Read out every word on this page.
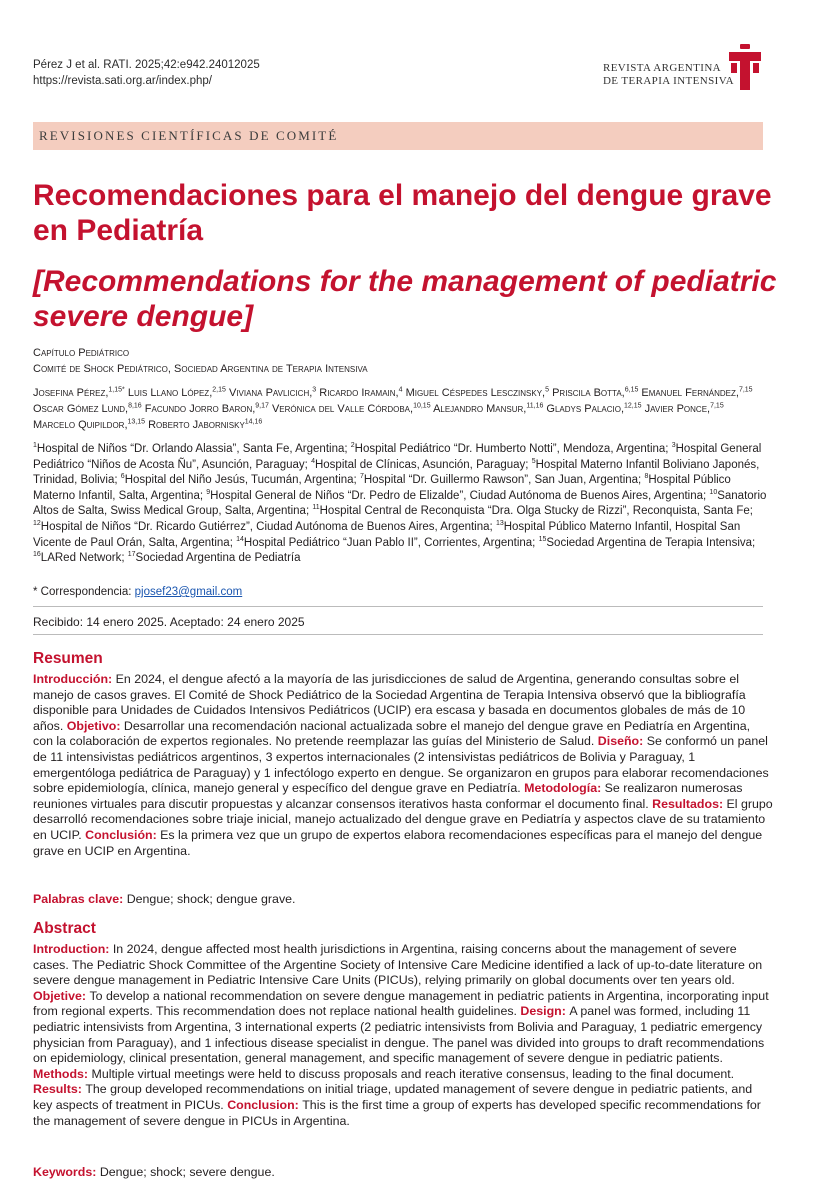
Pérez J et al. RATI. 2025;42:e942.24012025
https://revista.sati.org.ar/index.php/
REVISTA ARGENTINA
DE TERAPIA INTENSIVA
REVISIONES CIENTÍFICAS DE COMITÉ
Recomendaciones para el manejo del dengue grave en Pediatría
[Recommendations for the management of pediatric severe dengue]
Capítulo Pediátrico
Comité de Shock Pediátrico, Sociedad Argentina de Terapia Intensiva
Josefina Pérez,$^{1,15*}$ Luis Llano López,$^{2,15}$ Viviana Pavlicich,$^3$ Ricardo Iramain,$^4$ Miguel Céspedes Lesczinsky,$^5$ Priscila Botta,$^{6,15}$ Emanuel Fernández,$^{7,15}$ Oscar Gómez Lund,$^{8,16}$ Facundo Jorro Baron,$^{9,17}$ Verónica del Valle Córdoba,$^{10,15}$ Alejandro Mansur,$^{11,16}$ Gladys Palacio,$^{12,15}$ Javier Ponce,$^{7,15}$ Marcelo Quipildor,$^{13,15}$ Roberto Jabornisky$^{14,16}$
$^1$Hospital de Niños “Dr. Orlando Alassia”, Santa Fe, Argentina; $^2$Hospital Pediátrico “Dr. Humberto Notti”, Mendoza, Argentina; $^3$Hospital General Pediátrico “Niños de Acosta Ñu”, Asunción, Paraguay; $^4$Hospital de Clínicas, Asunción, Paraguay; $^5$Hospital Materno Infantil Boliviano Japonés, Trinidad, Bolivia; $^6$Hospital del Niño Jesús, Tucumán, Argentina; $^7$Hospital “Dr. Guillermo Rawson”, San Juan, Argentina; $^8$Hospital Público Materno Infantil, Salta, Argentina; $^9$Hospital General de Niños “Dr. Pedro de Elizalde”, Ciudad Autónoma de Buenos Aires, Argentina; $^{10}$Sanatorio Altos de Salta, Swiss Medical Group, Salta, Argentina; $^{11}$Hospital Central de Reconquista “Dra. Olga Stucky de Rizzi”, Reconquista, Santa Fe; $^{12}$Hospital de Niños “Dr. Ricardo Gutiérrez”, Ciudad Autónoma de Buenos Aires, Argentina; $^{13}$Hospital Público Materno Infantil, Hospital San Vicente de Paul Orán, Salta, Argentina; $^{14}$Hospital Pediátrico “Juan Pablo II”, Corrientes, Argentina; $^{15}$Sociedad Argentina de Terapia Intensiva; $^{16}$LARed Network; $^{17}$Sociedad Argentina de Pediatría
* Correspondencia: pjosef23@gmail.com
Recibido: 14 enero 2025. Aceptado: 24 enero 2025
Resumen
Introducción: En 2024, el dengue afectó a la mayoría de las jurisdicciones de salud de Argentina, generando consultas sobre el manejo de casos graves. El Comité de Shock Pediátrico de la Sociedad Argentina de Terapia Intensiva observó que la bibliografía disponible para Unidades de Cuidados Intensivos Pediátricos (UCIP) era escasa y basada en documentos globales de más de 10 años. Objetivo: Desarrollar una recomendación nacional actualizada sobre el manejo del dengue grave en Pediatría en Argentina, con la colaboración de expertos regionales. No pretende reemplazar las guías del Ministerio de Salud. Diseño: Se conformó un panel de 11 intensivistas pediátricos argentinos, 3 expertos internacionales (2 intensivistas pediátricos de Bolivia y Paraguay, 1 emergentóloga pediátrica de Paraguay) y 1 infectólogo experto en dengue. Se organizaron en grupos para elaborar recomendaciones sobre epidemiología, clínica, manejo general y específico del dengue grave en Pediatría. Metodología: Se realizaron numerosas reuniones virtuales para discutir propuestas y alcanzar consensos iterativos hasta conformar el documento final. Resultados: El grupo desarrolló recomendaciones sobre triaje inicial, manejo actualizado del dengue grave en Pediatría y aspectos clave de su tratamiento en UCIP. Conclusión: Es la primera vez que un grupo de expertos elabora recomendaciones específicas para el manejo del dengue grave en UCIP en Argentina.
Palabras clave: Dengue; shock; dengue grave.
Abstract
Introduction: In 2024, dengue affected most health jurisdictions in Argentina, raising concerns about the management of severe cases. The Pediatric Shock Committee of the Argentine Society of Intensive Care Medicine identified a lack of up-to-date literature on severe dengue management in Pediatric Intensive Care Units (PICUs), relying primarily on global documents over ten years old. Objetive: To develop a national recommendation on severe dengue management in pediatric patients in Argentina, incorporating input from regional experts. This recommendation does not replace national health guidelines. Design: A panel was formed, including 11 pediatric intensivists from Argentina, 3 international experts (2 pediatric intensivists from Bolivia and Paraguay, 1 pediatric emergency physician from Paraguay), and 1 infectious disease specialist in dengue. The panel was divided into groups to draft recommendations on epidemiology, clinical presentation, general management, and specific management of severe dengue in pediatric patients. Methods: Multiple virtual meetings were held to discuss proposals and reach iterative consensus, leading to the final document. Results: The group developed recommendations on initial triage, updated management of severe dengue in pediatric patients, and key aspects of treatment in PICUs. Conclusion: This is the first time a group of experts has developed specific recommendations for the management of severe dengue in PICUs in Argentina.
Keywords: Dengue; shock; severe dengue.
